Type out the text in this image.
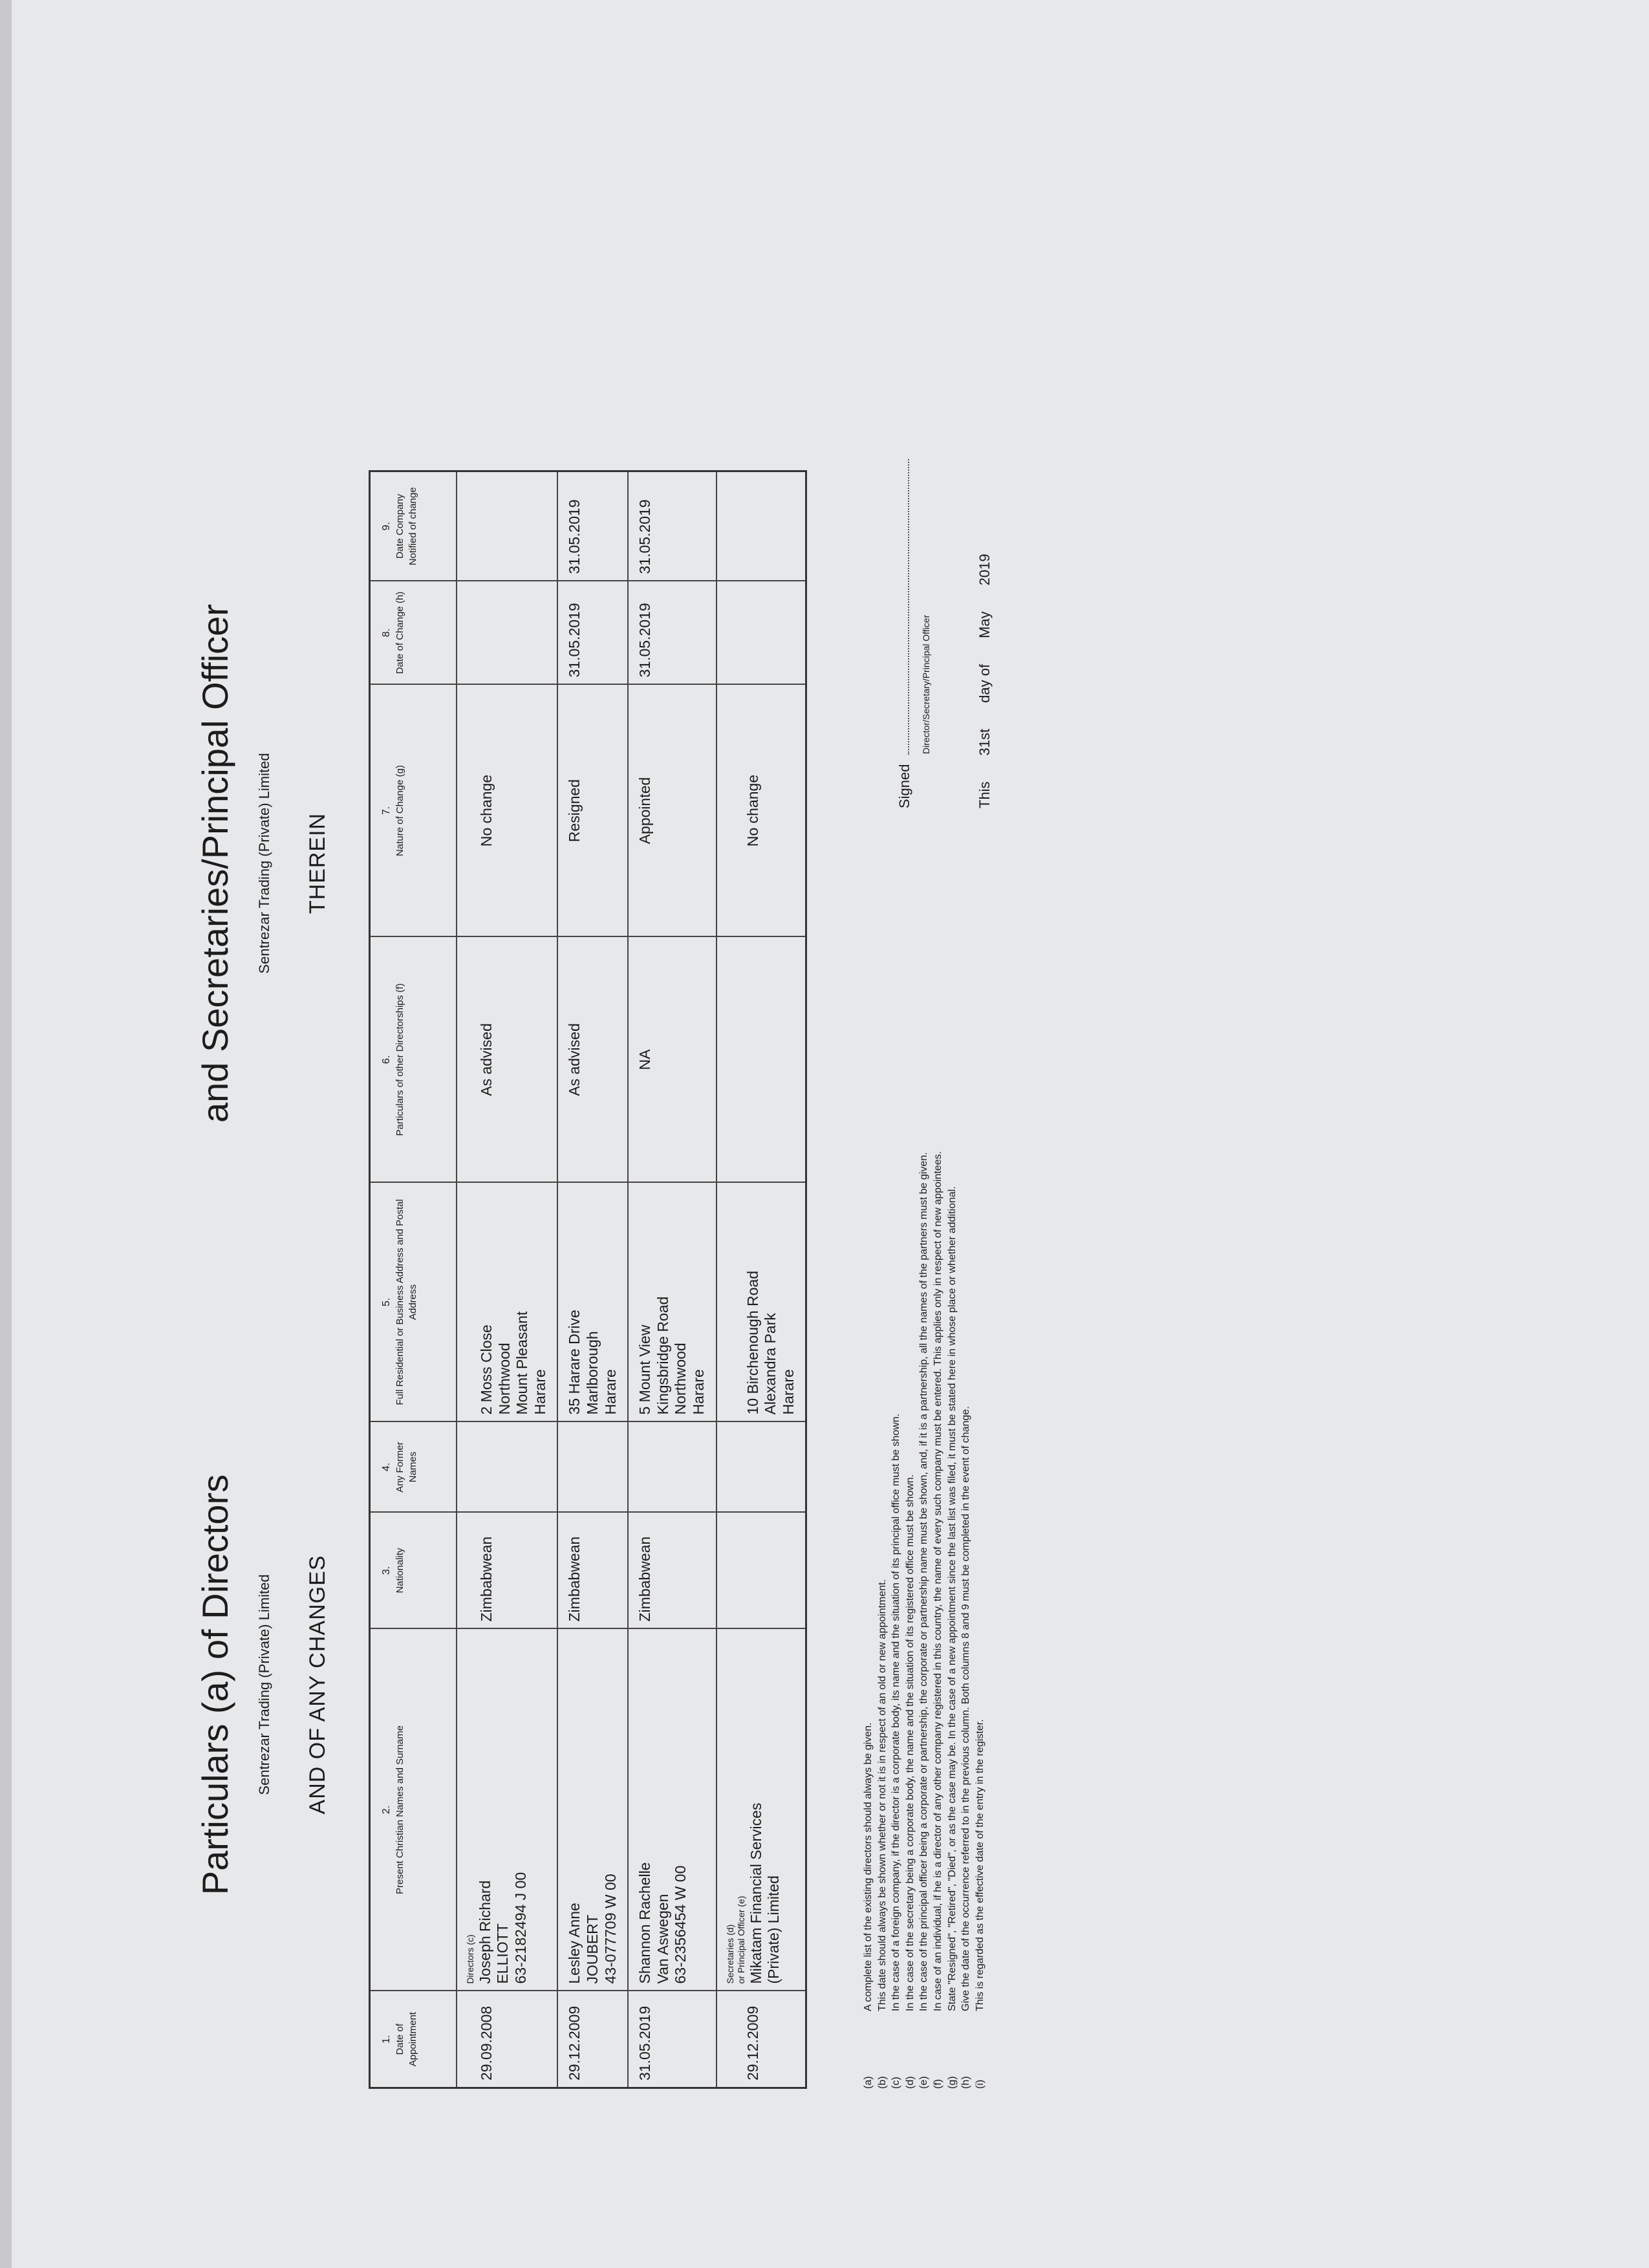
Particulars (a) of Directors
and Secretaries/Principal Officer
Sentrezar Trading (Private) Limited
Sentrezar Trading (Private) Limited
AND OF ANY CHANGES
THEREIN
1. Date of Appointment	2. Present Christian Names and Surname	3. Nationality	4. Any Former Names	5. Full Residential or Business Address and Postal Address	6. Particulars of other Directorships (f)	7. Nature of Change (g)	8. Date of Change (h)	9. Date Company Notified of change
29.09.2008	Directors (c) Joseph Richard ELLIOTT 63-2182494 J 00	Zimbabwean		2 Moss Close Northwood Mount Pleasant Harare	As advised	No change		
29.12.2009	Lesley Anne JOUBERT 43-077709 W 00	Zimbabwean		35 Harare Drive Marlborough Harare	As advised	Resigned	31.05.2019	31.05.2019
31.05.2019	Shannon Rachelle Van Aswegen 63-2356454 W 00	Zimbabwean		5 Mount View Kingsbridge Road Northwood Harare	NA	Appointed	31.05.2019	31.05.2019
29.12.2009	Secretaries (d) or Principal Officer (e) Mikatam Financial Services (Private) Limited			10 Birchenough Road Alexandra Park Harare		No change		
(a)
A complete list of the existing directors should always be given.
(b)
This date should always be shown whether or not it is in respect of an old or new appointment.
(c)
In the case of a foreign company, if the director is a corporate body, its name and the situation of its principal office must be shown.
(d)
In the case of the secretary being a corporate body, the name and the situation of its registered office must be shown.
(e)
In the case of the principal officer being a corporate or partnership, the corporate or partnership name must be shown, and, if it is a partnership, all the names of the partners must be given.
(f)
In case of an individual, if he is a director of any other company registered in this country, the name of every such company must be entered. This applies only in respect of new appointees.
(g)
State "Resigned", "Retired", "Died", or as the case may be. In the case of a new appointment since the last list was filed, it must be stated here in whose place or whether additional.
(h)
Give the date of the occurrence referred to in the previous column. Both columns 8 and 9 must be completed in the event of change.
(i)
This is regarded as the effective date of the entry in the register.
Signed
Director/Secretary/Principal Officer
This
31st
day of
May
2019
